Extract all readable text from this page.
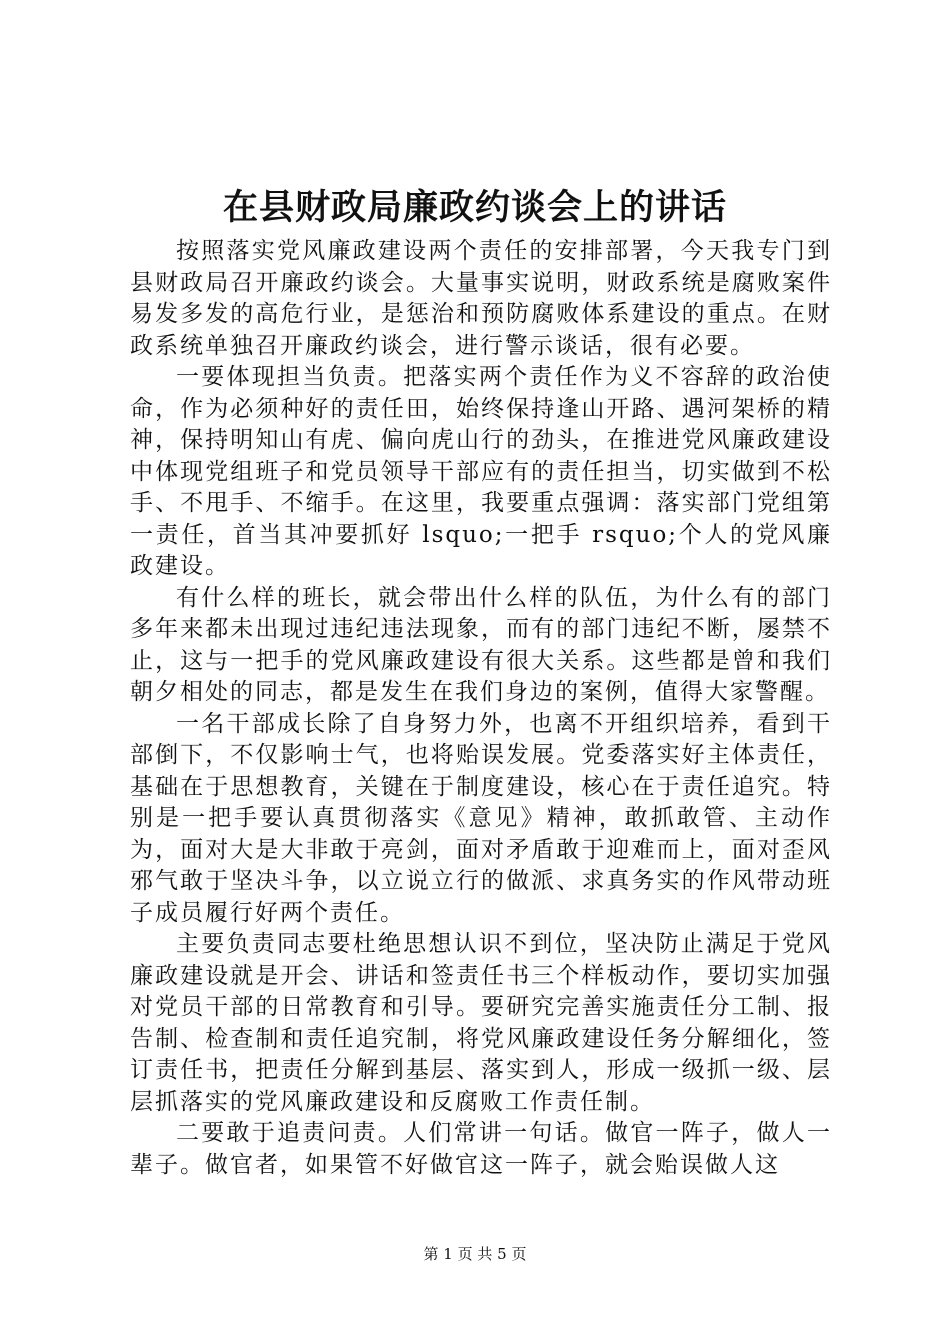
在县财政局廉政约谈会上的讲话

按照落实党风廉政建设两个责任的安排部署，今天我专门到县财政局召开廉政约谈会。大量事实说明，财政系统是腐败案件易发多发的高危行业，是惩治和预防腐败体系建设的重点。在财政系统单独召开廉政约谈会，进行警示谈话，很有必要。

一要体现担当负责。把落实两个责任作为义不容辞的政治使命，作为必须种好的责任田，始终保持逢山开路、遇河架桥的精神，保持明知山有虎、偏向虎山行的劲头，在推进党风廉政建设中体现党组班子和党员领导干部应有的责任担当，切实做到不松手、不甩手、不缩手。在这里，我要重点强调：落实部门党组第一责任，首当其冲要抓好 lsquo;一把手 rsquo;个人的党风廉政建设。

有什么样的班长，就会带出什么样的队伍，为什么有的部门多年来都未出现过违纪违法现象，而有的部门违纪不断，屡禁不止，这与一把手的党风廉政建设有很大关系。这些都是曾和我们朝夕相处的同志，都是发生在我们身边的案例，值得大家警醒。

一名干部成长除了自身努力外，也离不开组织培养，看到干部倒下，不仅影响士气，也将贻误发展。党委落实好主体责任，基础在于思想教育，关键在于制度建设，核心在于责任追究。特别是一把手要认真贯彻落实《意见》精神，敢抓敢管、主动作为，面对大是大非敢于亮剑，面对矛盾敢于迎难而上，面对歪风邪气敢于坚决斗争，以立说立行的做派、求真务实的作风带动班子成员履行好两个责任。

主要负责同志要杜绝思想认识不到位，坚决防止满足于党风廉政建设就是开会、讲话和签责任书三个样板动作，要切实加强对党员干部的日常教育和引导。要研究完善实施责任分工制、报告制、检查制和责任追究制，将党风廉政建设任务分解细化，签订责任书，把责任分解到基层、落实到人，形成一级抓一级、层层抓落实的党风廉政建设和反腐败工作责任制。

二要敢于追责问责。人们常讲一句话。做官一阵子，做人一辈子。做官者，如果管不好做官这一阵子，就会贻误做人这

第 1 页 共 5 页
